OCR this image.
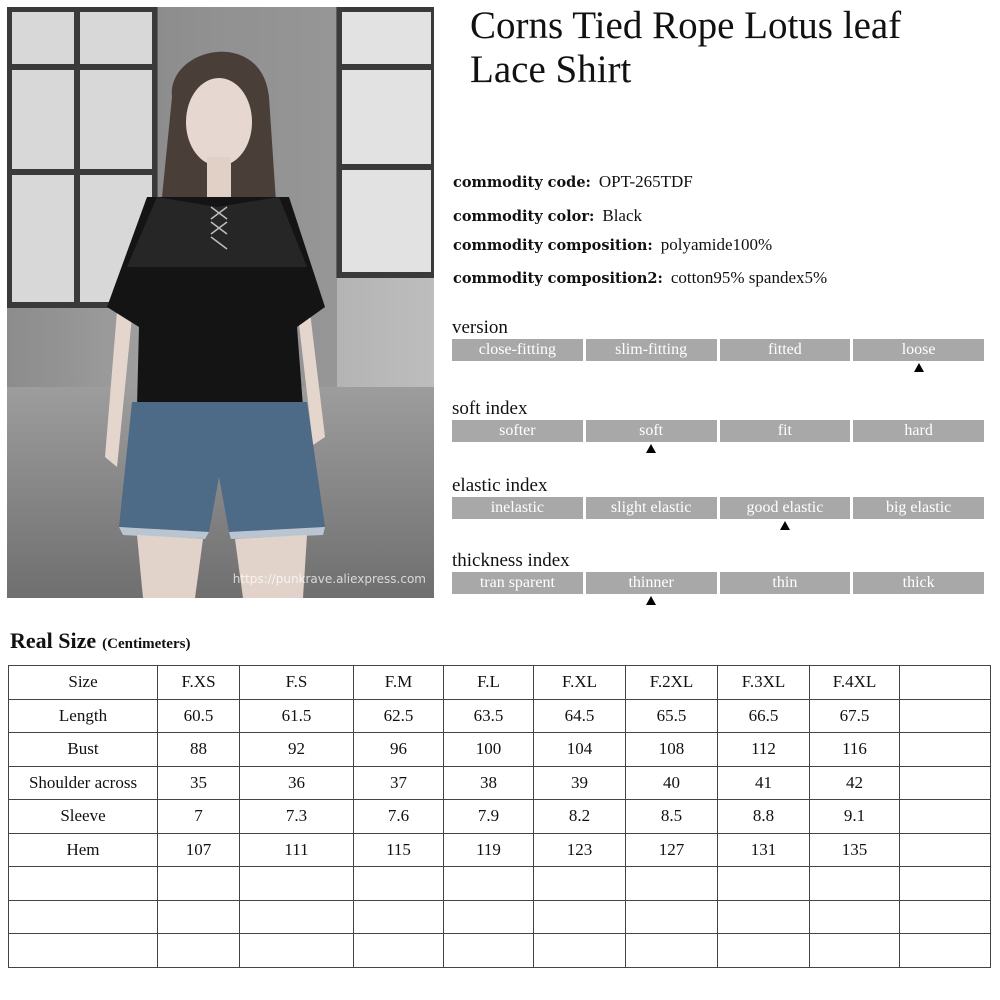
https://punkrave.aliexpress.com
Corns Tied Rope Lotus leaf
Lace Shirt
commodity code: OPT-265TDF
commodity color: Black
commodity composition: polyamide100%
commodity composition2: cotton95% spandex5%
version
close-fitting	slim-fitting	fitted	loose
soft index
softer	soft	fit	hard
elastic index
inelastic	slight elastic	good elastic	big elastic
thickness index
tran sparent	thinner	thin	thick
Real Size (Centimeters)
Size	F.XS	F.S	F.M	F.L	F.XL	F.2XL	F.3XL	F.4XL	
Length	60.5	61.5	62.5	63.5	64.5	65.5	66.5	67.5	
Bust	88	92	96	100	104	108	112	116	
Shoulder across	35	36	37	38	39	40	41	42	
Sleeve	7	7.3	7.6	7.9	8.2	8.5	8.8	9.1	
Hem	107	111	115	119	123	127	131	135	
